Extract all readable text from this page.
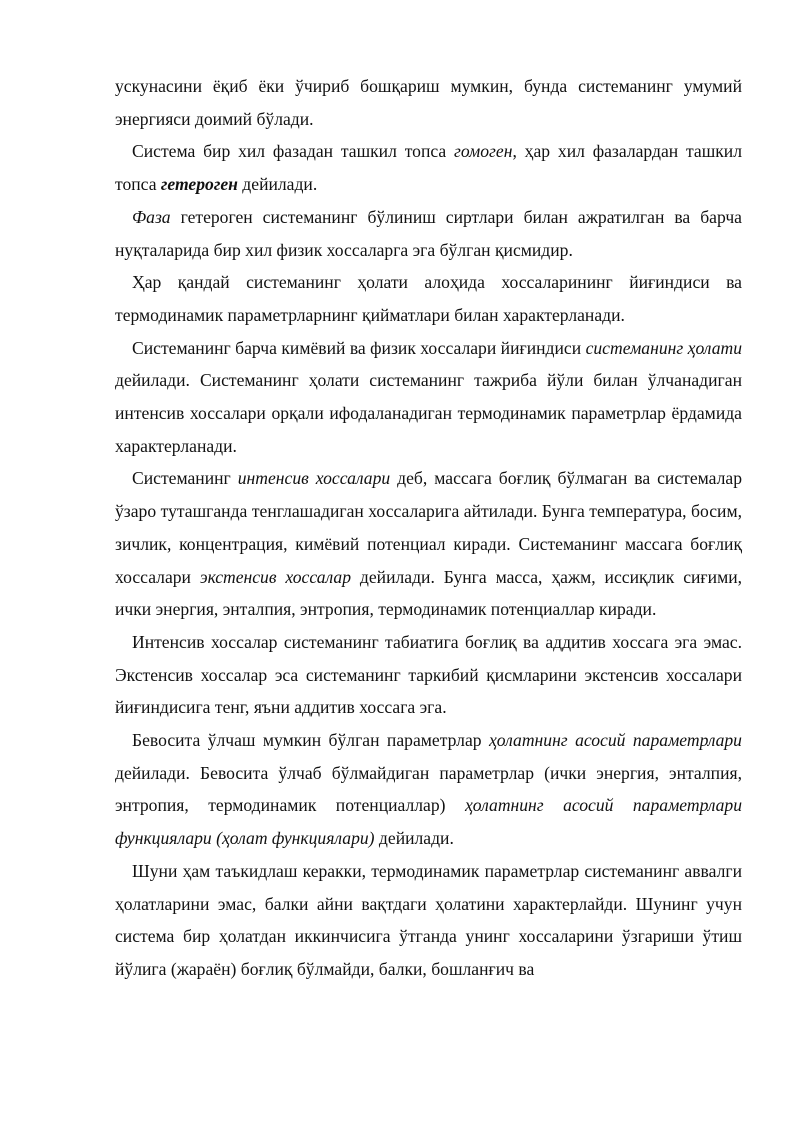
ускунасини ёқиб ёки ўчириб бошқариш мумкин, бунда системанинг умумий энергияси доимий бўлади.

Система бир хил фазадан ташкил топса гомоген, ҳар хил фазалардан ташкил топса гетероген дейилади.

Фаза гетероген системанинг бўлиниш сиртлари билан ажратилган ва барча нуқталарида бир хил физик хоссаларга эга бўлган қисмидир.

Ҳар қандай системанинг ҳолати алоҳида хоссаларининг йиғиндиси ва термодинамик параметрларнинг қийматлари билан характерланади.

Системанинг барча кимёвий ва физик хоссалари йиғиндиси системанинг ҳолати дейилади. Системанинг ҳолати системанинг тажриба йўли билан ўлчанадиган интенсив хоссалари орқали ифодаланадиган термодинамик параметрлар ёрдамида характерланади.

Системанинг интенсив хоссалари деб, массага боғлиқ бўлмаган ва системалар ўзаро туташганда тенглашадиган хоссаларига айтилади. Бунга температура, босим, зичлик, концентрация, кимёвий потенциал киради. Системанинг массага боғлиқ хоссалари экстенсив хоссалар дейилади. Бунга масса, ҳажм, иссиқлик сиғими, ички энергия, энталпия, энтропия, термодинамик потенциаллар киради.

Интенсив хоссалар системанинг табиатига боғлиқ ва аддитив хоссага эга эмас. Экстенсив хоссалар эса системанинг таркибий қисмларини экстенсив хоссалари йиғиндисига тенг, яъни аддитив хоссага эга.

Бевосита ўлчаш мумкин бўлган параметрлар ҳолатнинг асосий параметрлари дейилади. Бевосита ўлчаб бўлмайдиган параметрлар (ички энергия, энталпия, энтропия, термодинамик потенциаллар) ҳолатнинг асосий параметрлари функциялари (ҳолат функциялари) дейилади.

Шуни ҳам таъкидлаш керакки, термодинамик параметрлар системанинг аввалги ҳолатларини эмас, балки айни вақтдаги ҳолатини характерлайди. Шунинг учун система бир ҳолатдан иккинчисига ўтганда унинг хоссаларини ўзгариши ўтиш йўлига (жараён) боғлиқ бўлмайди, балки, бошланғич ва
